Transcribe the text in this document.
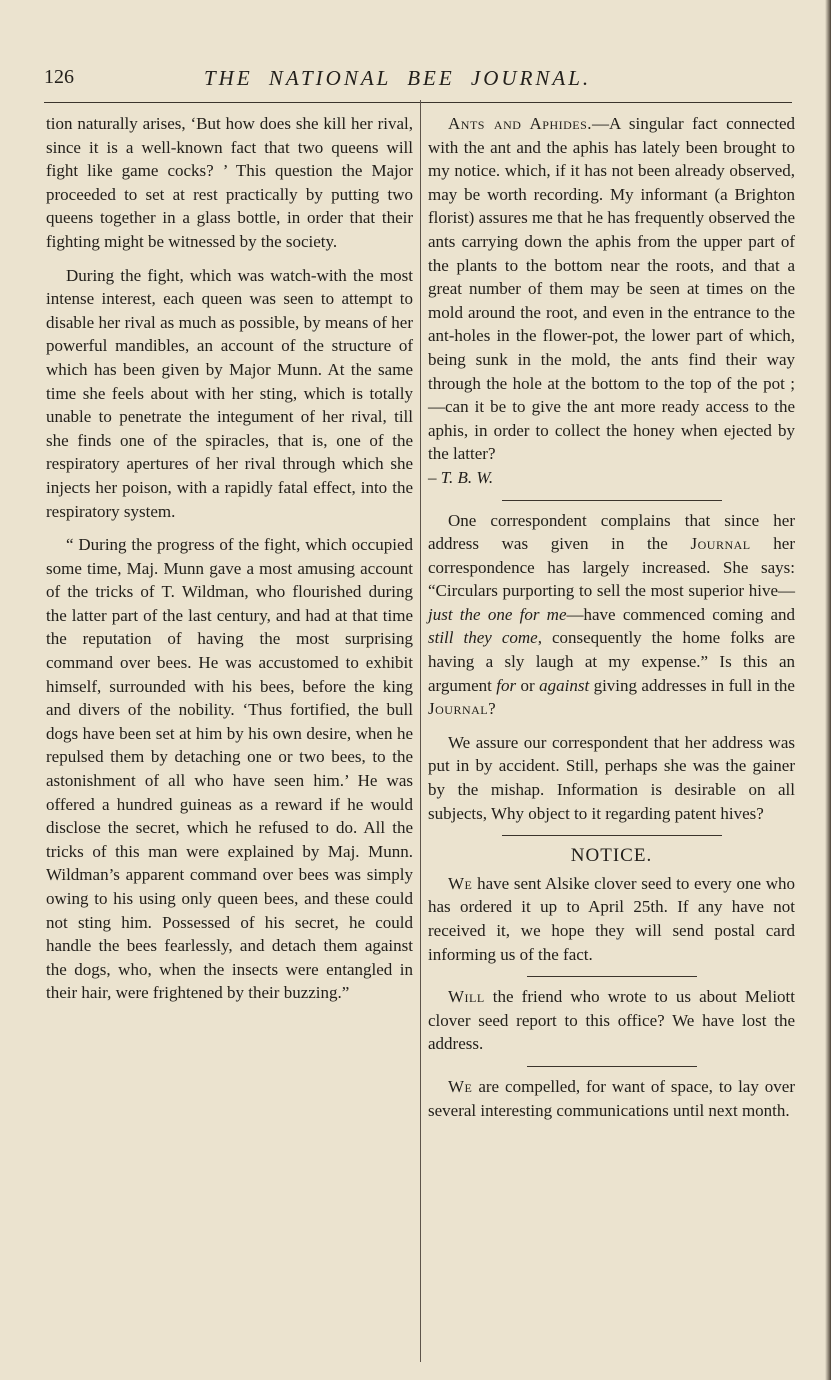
126	THE NATIONAL BEE JOURNAL.

tion naturally arises, ‘But how does she kill her rival, since it is a well-known fact that two queens will fight like game cocks? ’ This question the Major proceeded to set at rest practically by putting two queens together in a glass bottle, in order that their fighting might be witnessed by the society.

During the fight, which was watch-with the most intense interest, each queen was seen to attempt to disable her rival as much as possible, by means of her powerful mandibles, an account of the structure of which has been given by Major Munn. At the same time she feels about with her sting, which is totally unable to penetrate the integument of her rival, till she finds one of the spiracles, that is, one of the respiratory apertures of her rival through which she injects her poison, with a rapidly fatal effect, into the respiratory system.

“ During the progress of the fight, which occupied some time, Maj. Munn gave a most amusing account of the tricks of T. Wildman, who flourished during the latter part of the last century, and had at that time the reputation of having the most surprising command over bees. He was accustomed to exhibit himself, surrounded with his bees, before the king and divers of the nobility. ‘Thus fortified, the bull dogs have been set at him by his own desire, when he repulsed them by detaching one or two bees, to the astonishment of all who have seen him.’ He was offered a hundred guineas as a reward if he would disclose the secret, which he refused to do. All the tricks of this man were explained by Maj. Munn. Wildman’s apparent command over bees was simply owing to his using only queen bees, and these could not sting him. Possessed of his secret, he could handle the bees fearlessly, and detach them against the dogs, who, when the insects were entangled in their hair, were frightened by their buzzing.”

Ants and Aphides.—A singular fact connected with the ant and the aphis has lately been brought to my notice. which, if it has not been already observed, may be worth recording. My informant (a Brighton florist) assures me that he has frequently observed the ants carrying down the aphis from the upper part of the plants to the bottom near the roots, and that a great number of them may be seen at times on the mold around the root, and even in the entrance to the ant-holes in the flower-pot, the lower part of which, being sunk in the mold, the ants find their way through the hole at the bottom to the top of the pot ;—can it be to give the ant more ready access to the aphis, in order to collect the honey when ejected by the latter?
– T. B. W.

One correspondent complains that since her address was given in the Journal her correspondence has largely increased. She says: “Circulars purporting to sell the most superior hive—just the one for me—have commenced coming and still they come, consequently the home folks are having a sly laugh at my expense.” Is this an argument for or against giving addresses in full in the Journal?

We assure our correspondent that her address was put in by accident. Still, perhaps she was the gainer by the mishap. Information is desirable on all subjects, Why object to it regarding patent hives?

NOTICE.

We have sent Alsike clover seed to every one who has ordered it up to April 25th. If any have not received it, we hope they will send postal card informing us of the fact.

Will the friend who wrote to us about Meliott clover seed report to this office? We have lost the address.

We are compelled, for want of space, to lay over several interesting communications until next month.
